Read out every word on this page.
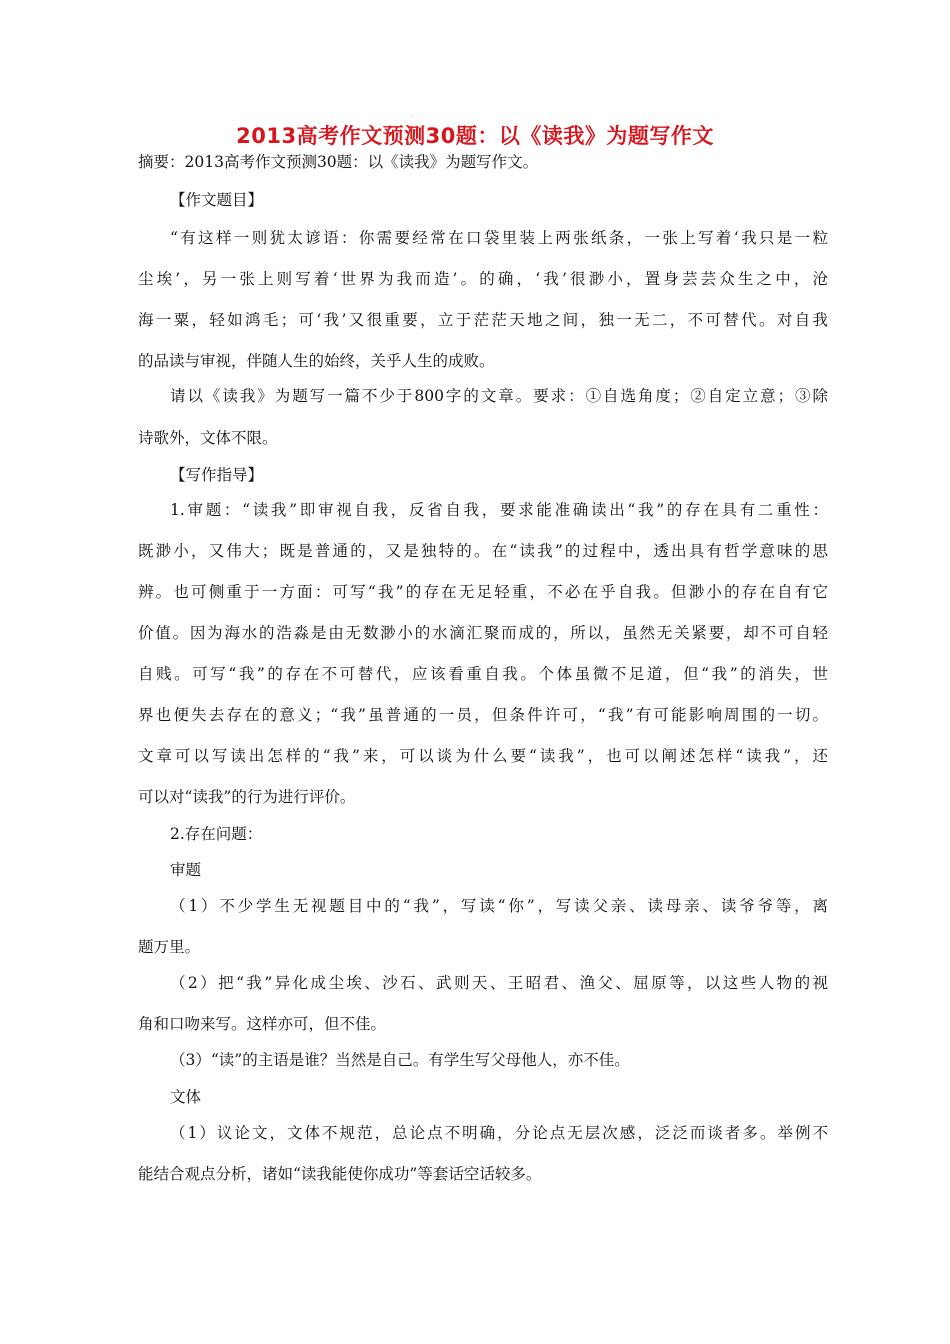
2013高考作文预测30题：以《读我》为题写作文
摘要：2013高考作文预测30题：以《读我》为题写作文。
【作文题目】
“有这样一则犹太谚语：你需要经常在口袋里装上两张纸条，一张上写着‘我只是一粒
尘埃’，另一张上则写着‘世界为我而造’。的确，‘我’很渺小，置身芸芸众生之中，沧
海一粟，轻如鸿毛；可‘我’又很重要，立于茫茫天地之间，独一无二，不可替代。对自我
的品读与审视，伴随人生的始终，关乎人生的成败。
请以《读我》为题写一篇不少于800字的文章。要求：①自选角度；②自定立意；③除
诗歌外，文体不限。
【写作指导】
1.审题：“读我”即审视自我，反省自我，要求能准确读出“我”的存在具有二重性：
既渺小，又伟大；既是普通的，又是独特的。在“读我”的过程中，透出具有哲学意味的思
辨。也可侧重于一方面：可写“我”的存在无足轻重，不必在乎自我。但渺小的存在自有它
价值。因为海水的浩淼是由无数渺小的水滴汇聚而成的，所以，虽然无关紧要，却不可自轻
自贱。可写“我”的存在不可替代，应该看重自我。个体虽微不足道，但“我”的消失，世
界也便失去存在的意义；“我”虽普通的一员，但条件许可，“我”有可能影响周围的一切。
文章可以写读出怎样的“我”来，可以谈为什么要“读我”，也可以阐述怎样“读我”，还
可以对“读我”的行为进行评价。
2.存在问题：
审题
（1）不少学生无视题目中的“我”，写读“你”，写读父亲、读母亲、读爷爷等，离
题万里。
（2）把“我”异化成尘埃、沙石、武则天、王昭君、渔父、屈原等，以这些人物的视
角和口吻来写。这样亦可，但不佳。
（3）“读”的主语是谁？当然是自己。有学生写父母他人，亦不佳。
文体
（1）议论文，文体不规范，总论点不明确，分论点无层次感，泛泛而谈者多。举例不
能结合观点分析，诸如“读我能使你成功”等套话空话较多。
